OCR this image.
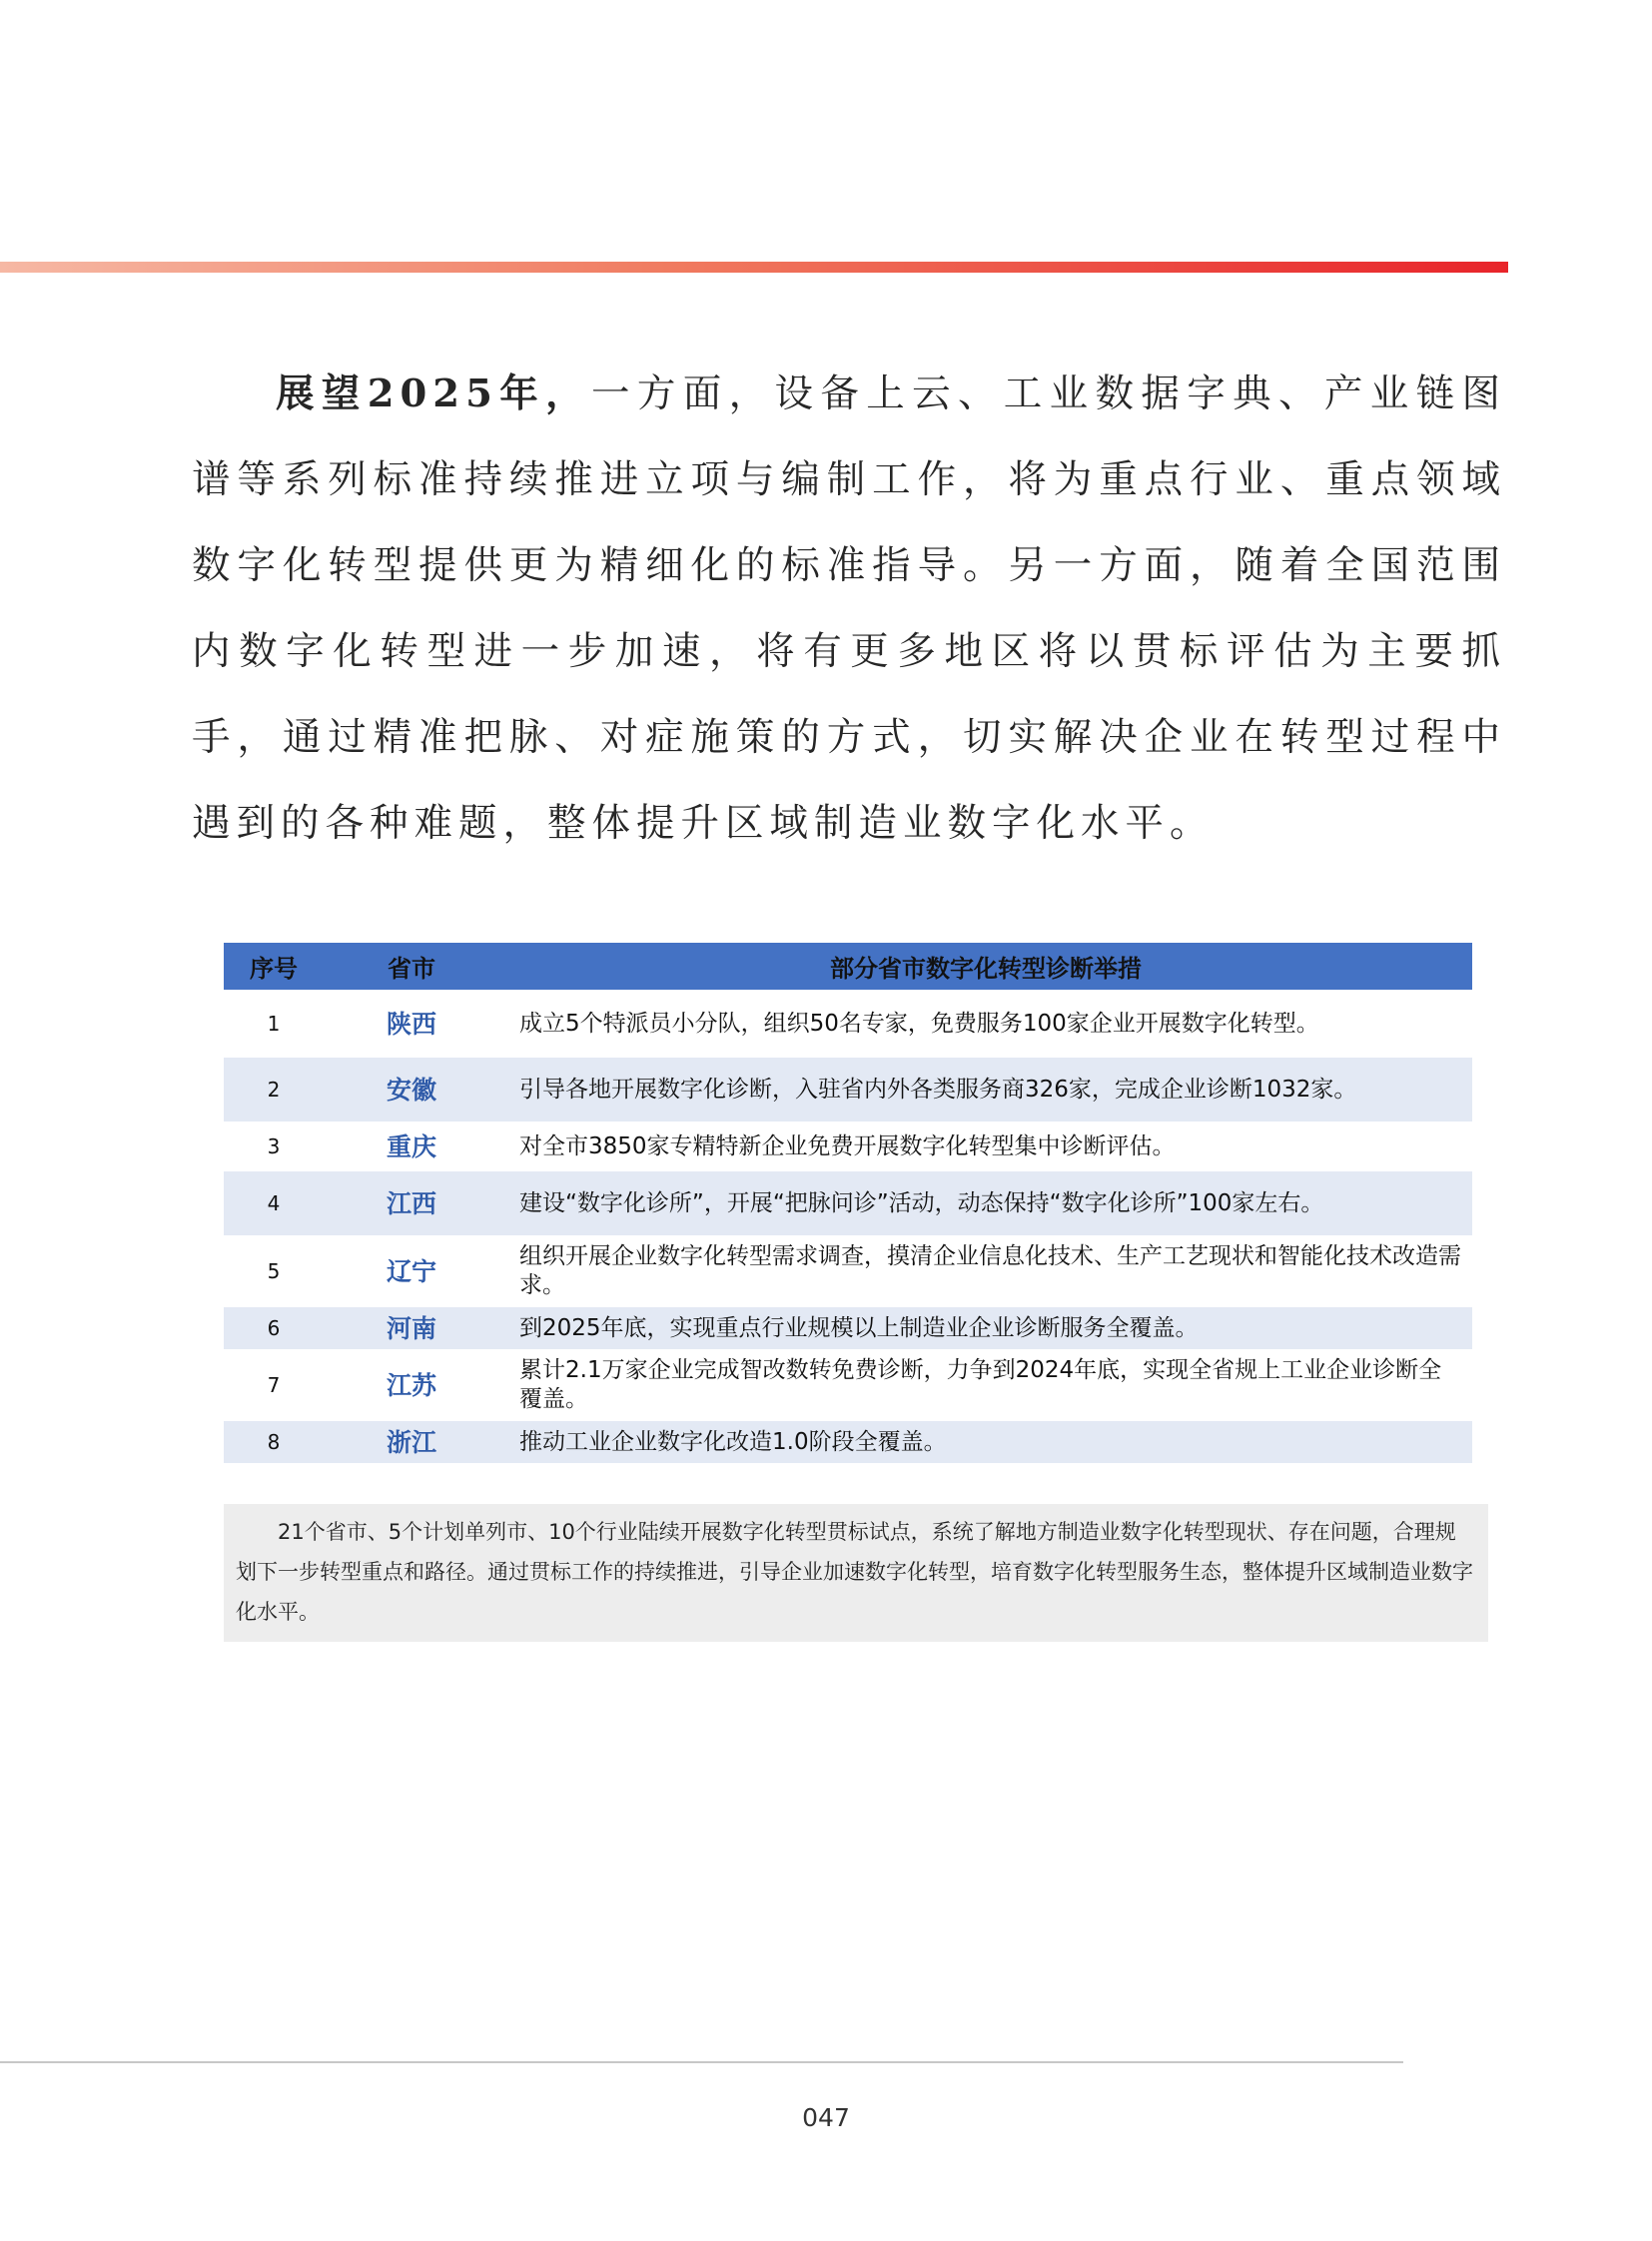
展望2025年，一方面，设备上云、工业数据字典、产业链图谱等系列标准持续推进立项与编制工作，将为重点行业、重点领域数字化转型提供更为精细化的标准指导。另一方面，随着全国范围内数字化转型进一步加速，将有更多地区将以贯标评估为主要抓手，通过精准把脉、对症施策的方式，切实解决企业在转型过程中遇到的各种难题，整体提升区域制造业数字化水平。

序号	省市	部分省市数字化转型诊断举措
1	陕西	成立5个特派员小分队，组织50名专家，免费服务100家企业开展数字化转型。
2	安徽	引导各地开展数字化诊断，入驻省内外各类服务商326家，完成企业诊断1032家。
3	重庆	对全市3850家专精特新企业免费开展数字化转型集中诊断评估。
4	江西	建设“数字化诊所”，开展“把脉问诊”活动，动态保持“数字化诊所”100家左右。
5	辽宁	组织开展企业数字化转型需求调查，摸清企业信息化技术、生产工艺现状和智能化技术改造需求。
6	河南	到2025年底，实现重点行业规模以上制造业企业诊断服务全覆盖。
7	江苏	累计2.1万家企业完成智改数转免费诊断，力争到2024年底，实现全省规上工业企业诊断全覆盖。
8	浙江	推动工业企业数字化改造1.0阶段全覆盖。

21个省市、5个计划单列市、10个行业陆续开展数字化转型贯标试点，系统了解地方制造业数字化转型现状、存在问题，合理规划下一步转型重点和路径。通过贯标工作的持续推进，引导企业加速数字化转型，培育数字化转型服务生态，整体提升区域制造业数字化水平。

047
